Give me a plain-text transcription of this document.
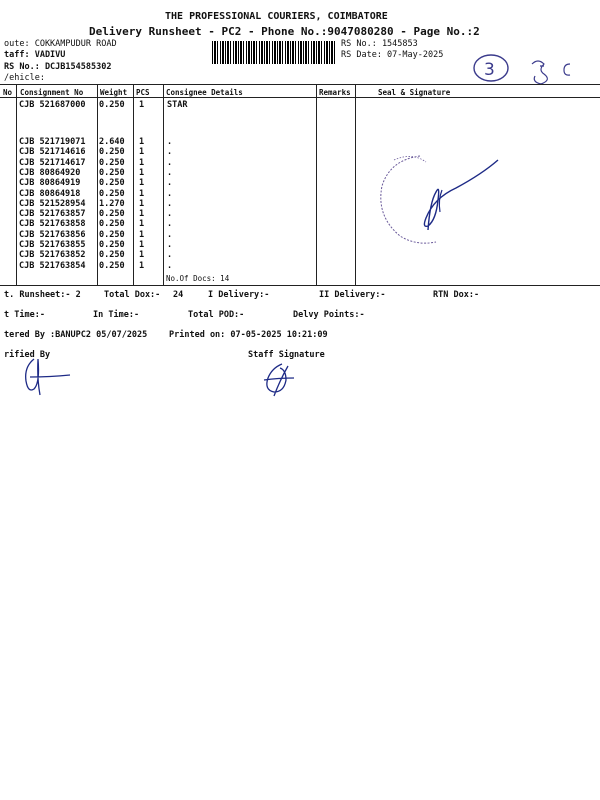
THE PROFESSIONAL COURIERS, COIMBATORE
Delivery Runsheet - PC2 - Phone No.:9047080280 - Page No.:2
oute: COKKAMPUDUR ROAD
taff: VADIVU
RS No.: DCJB154585302
/ehicle:
RS No.: 1545853
RS Date: 07-May-2025
3
No Consignment No Weight PCS Consignee Details	Remarks	Seal & Signature
CJB 521687000 0.250 1	STAR
CJB 521719071 2.640 1	.
CJB 521714616 0.250 1	.
CJB 521714617 0.250 1	.
CJB 80864920 0.250 1	.
CJB 80864919 0.250 1	.
CJB 80864918 0.250 1	.
CJB 521528954 1.270 1	.
CJB 521763857 0.250 1	.
CJB 521763858 0.250 1	.
CJB 521763856 0.250 1	.
CJB 521763855 0.250 1	.
CJB 521763852 0.250 1	.
CJB 521763854 0.250 1	.
No.Of Docs: 14
t. Runsheet:- 2	Total Dox:- 24	I Delivery:-	II Delivery:-	RTN Dox:-
t Time:-	In Time:-	Total POD:-	Delvy Points:-
tered By :BANUPC2 05/07/2025	Printed on: 07-05-2025 10:21:09
rified By	Staff Signature
